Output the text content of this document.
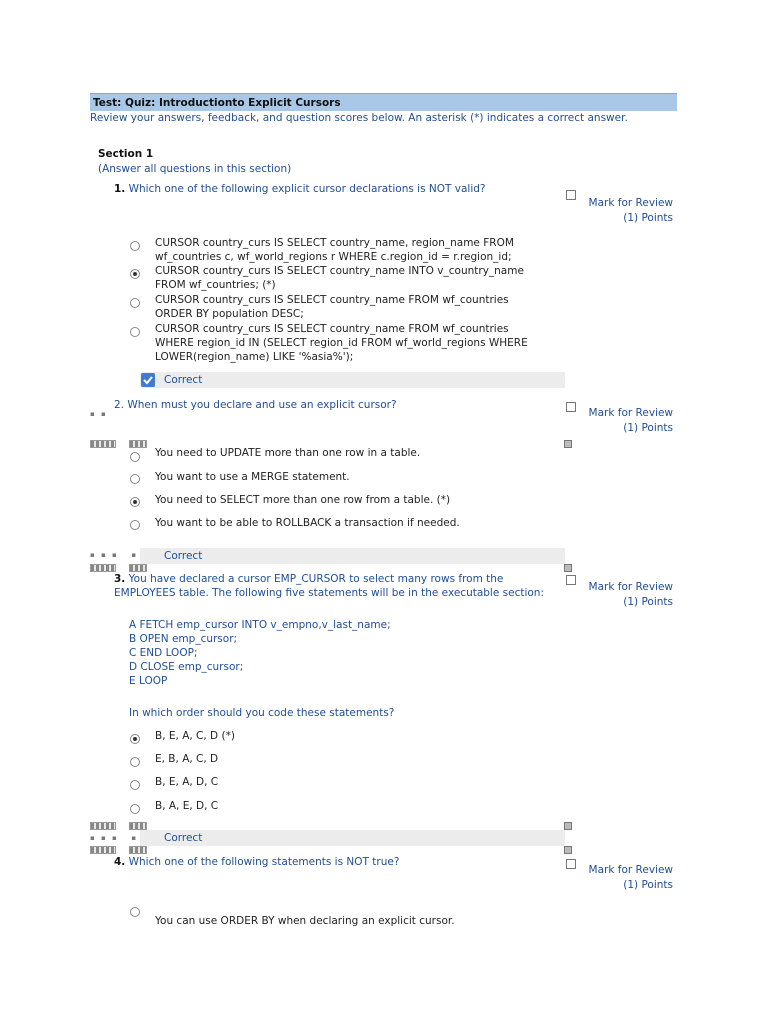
Test: Quiz: Introductionto Explicit Cursors
Review your answers, feedback, and question scores below. An asterisk (*) indicates a correct answer.
Section 1
(Answer all questions in this section)
1. Which one of the following explicit cursor declarations is NOT valid?
Mark for Review
(1) Points
CURSOR country_curs IS SELECT country_name, region_name FROM wf_countries c, wf_world_regions r WHERE c.region_id = r.region_id;
CURSOR country_curs IS SELECT country_name INTO v_country_name FROM wf_countries; (*)
CURSOR country_curs IS SELECT country_name FROM wf_countries ORDER BY population DESC;
CURSOR country_curs IS SELECT country_name FROM wf_countries WHERE region_id IN (SELECT region_id FROM wf_world_regions WHERE LOWER(region_name) LIKE '%asia%');
Correct
▪ ▪
2. When must you declare and use an explicit cursor?
Mark for Review
(1) Points
You need to UPDATE more than one row in a table.
You want to use a MERGE statement.
You need to SELECT more than one row from a table. (*)
You want to be able to ROLLBACK a transaction if needed.
▪ ▪ ▪   ▪ Correct
3. You have declared a cursor EMP_CURSOR to select many rows from the EMPLOYEES table. The following five statements will be in the executable section:	Mark for Review
(1) Points
A FETCH emp_cursor INTO v_empno,v_last_name;
B OPEN emp_cursor;
C END LOOP;
D CLOSE emp_cursor;
E LOOP
In which order should you code these statements?
B, E, A, C, D (*)
E, B, A, C, D
B, E, A, D, C
B, A, E, D, C
▪ ▪ ▪   ▪ Correct
4. Which one of the following statements is NOT true?
Mark for Review
(1) Points
You can use ORDER BY when declaring an explicit cursor.
